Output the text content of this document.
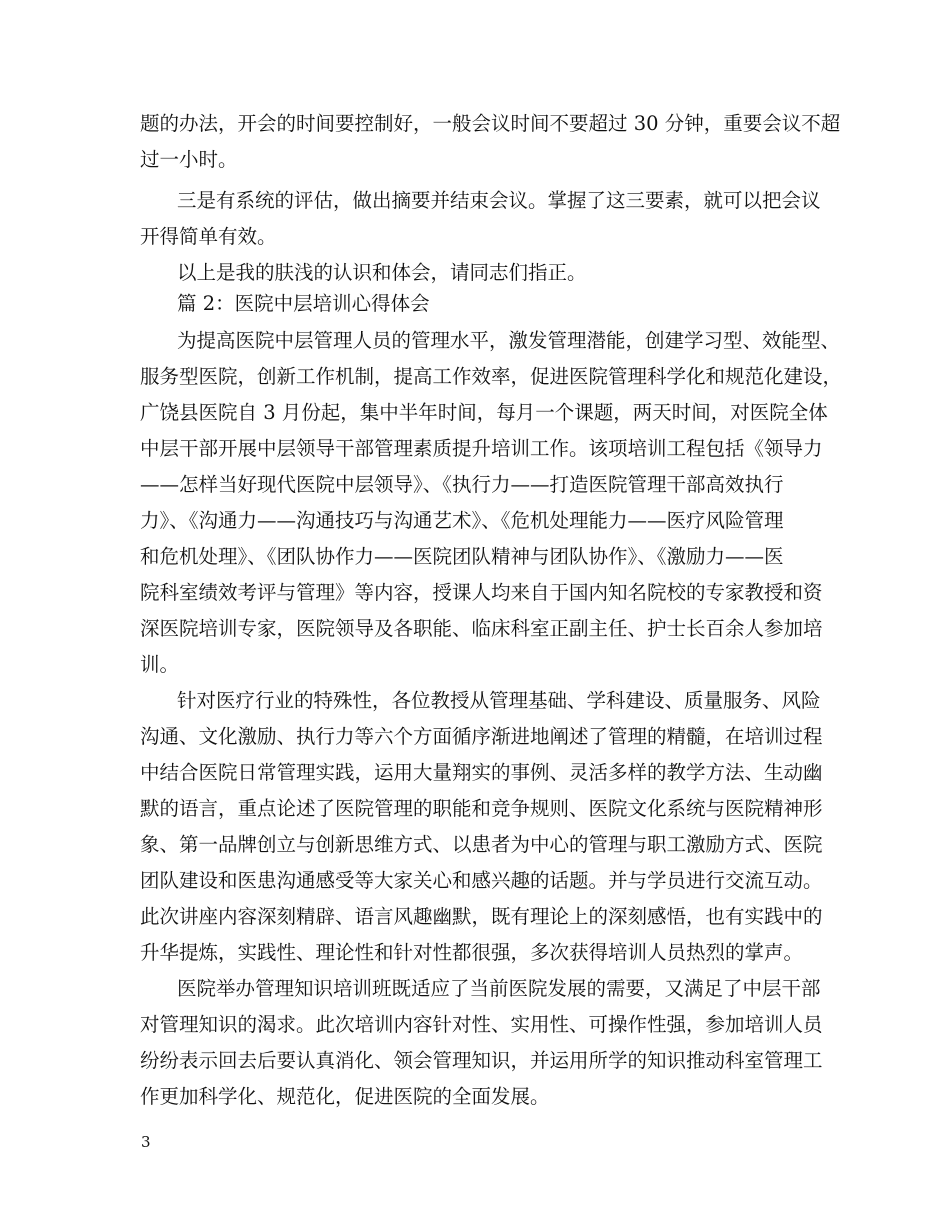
题的办法，开会的时间要控制好，一般会议时间不要超过 30 分钟，重要会议不超
过一小时。
三是有系统的评估，做出摘要并结束会议。掌握了这三要素，就可以把会议
开得简单有效。
以上是我的肤浅的认识和体会，请同志们指正。
篇 2：医院中层培训心得体会
为提高医院中层管理人员的管理水平，激发管理潜能，创建学习型、效能型、
服务型医院，创新工作机制，提高工作效率，促进医院管理科学化和规范化建设，
广饶县医院自 3 月份起，集中半年时间，每月一个课题，两天时间，对医院全体
中层干部开展中层领导干部管理素质提升培训工作。该项培训工程包括《领导力
——怎样当好现代医院中层领导》、《执行力——打造医院管理干部高效执行
力》、《沟通力——沟通技巧与沟通艺术》、《危机处理能力——医疗风险管理
和危机处理》、《团队协作力——医院团队精神与团队协作》、《激励力——医
院科室绩效考评与管理》等内容，授课人均来自于国内知名院校的专家教授和资
深医院培训专家，医院领导及各职能、临床科室正副主任、护士长百余人参加培
训。
针对医疗行业的特殊性，各位教授从管理基础、学科建设、质量服务、风险
沟通、文化激励、执行力等六个方面循序渐进地阐述了管理的精髓，在培训过程
中结合医院日常管理实践，运用大量翔实的事例、灵活多样的教学方法、生动幽
默的语言，重点论述了医院管理的职能和竞争规则、医院文化系统与医院精神形
象、第一品牌创立与创新思维方式、以患者为中心的管理与职工激励方式、医院
团队建设和医患沟通感受等大家关心和感兴趣的话题。并与学员进行交流互动。
此次讲座内容深刻精辟、语言风趣幽默，既有理论上的深刻感悟，也有实践中的
升华提炼，实践性、理论性和针对性都很强，多次获得培训人员热烈的掌声。
医院举办管理知识培训班既适应了当前医院发展的需要，又满足了中层干部
对管理知识的渴求。此次培训内容针对性、实用性、可操作性强，参加培训人员
纷纷表示回去后要认真消化、领会管理知识，并运用所学的知识推动科室管理工
作更加科学化、规范化，促进医院的全面发展。
3
